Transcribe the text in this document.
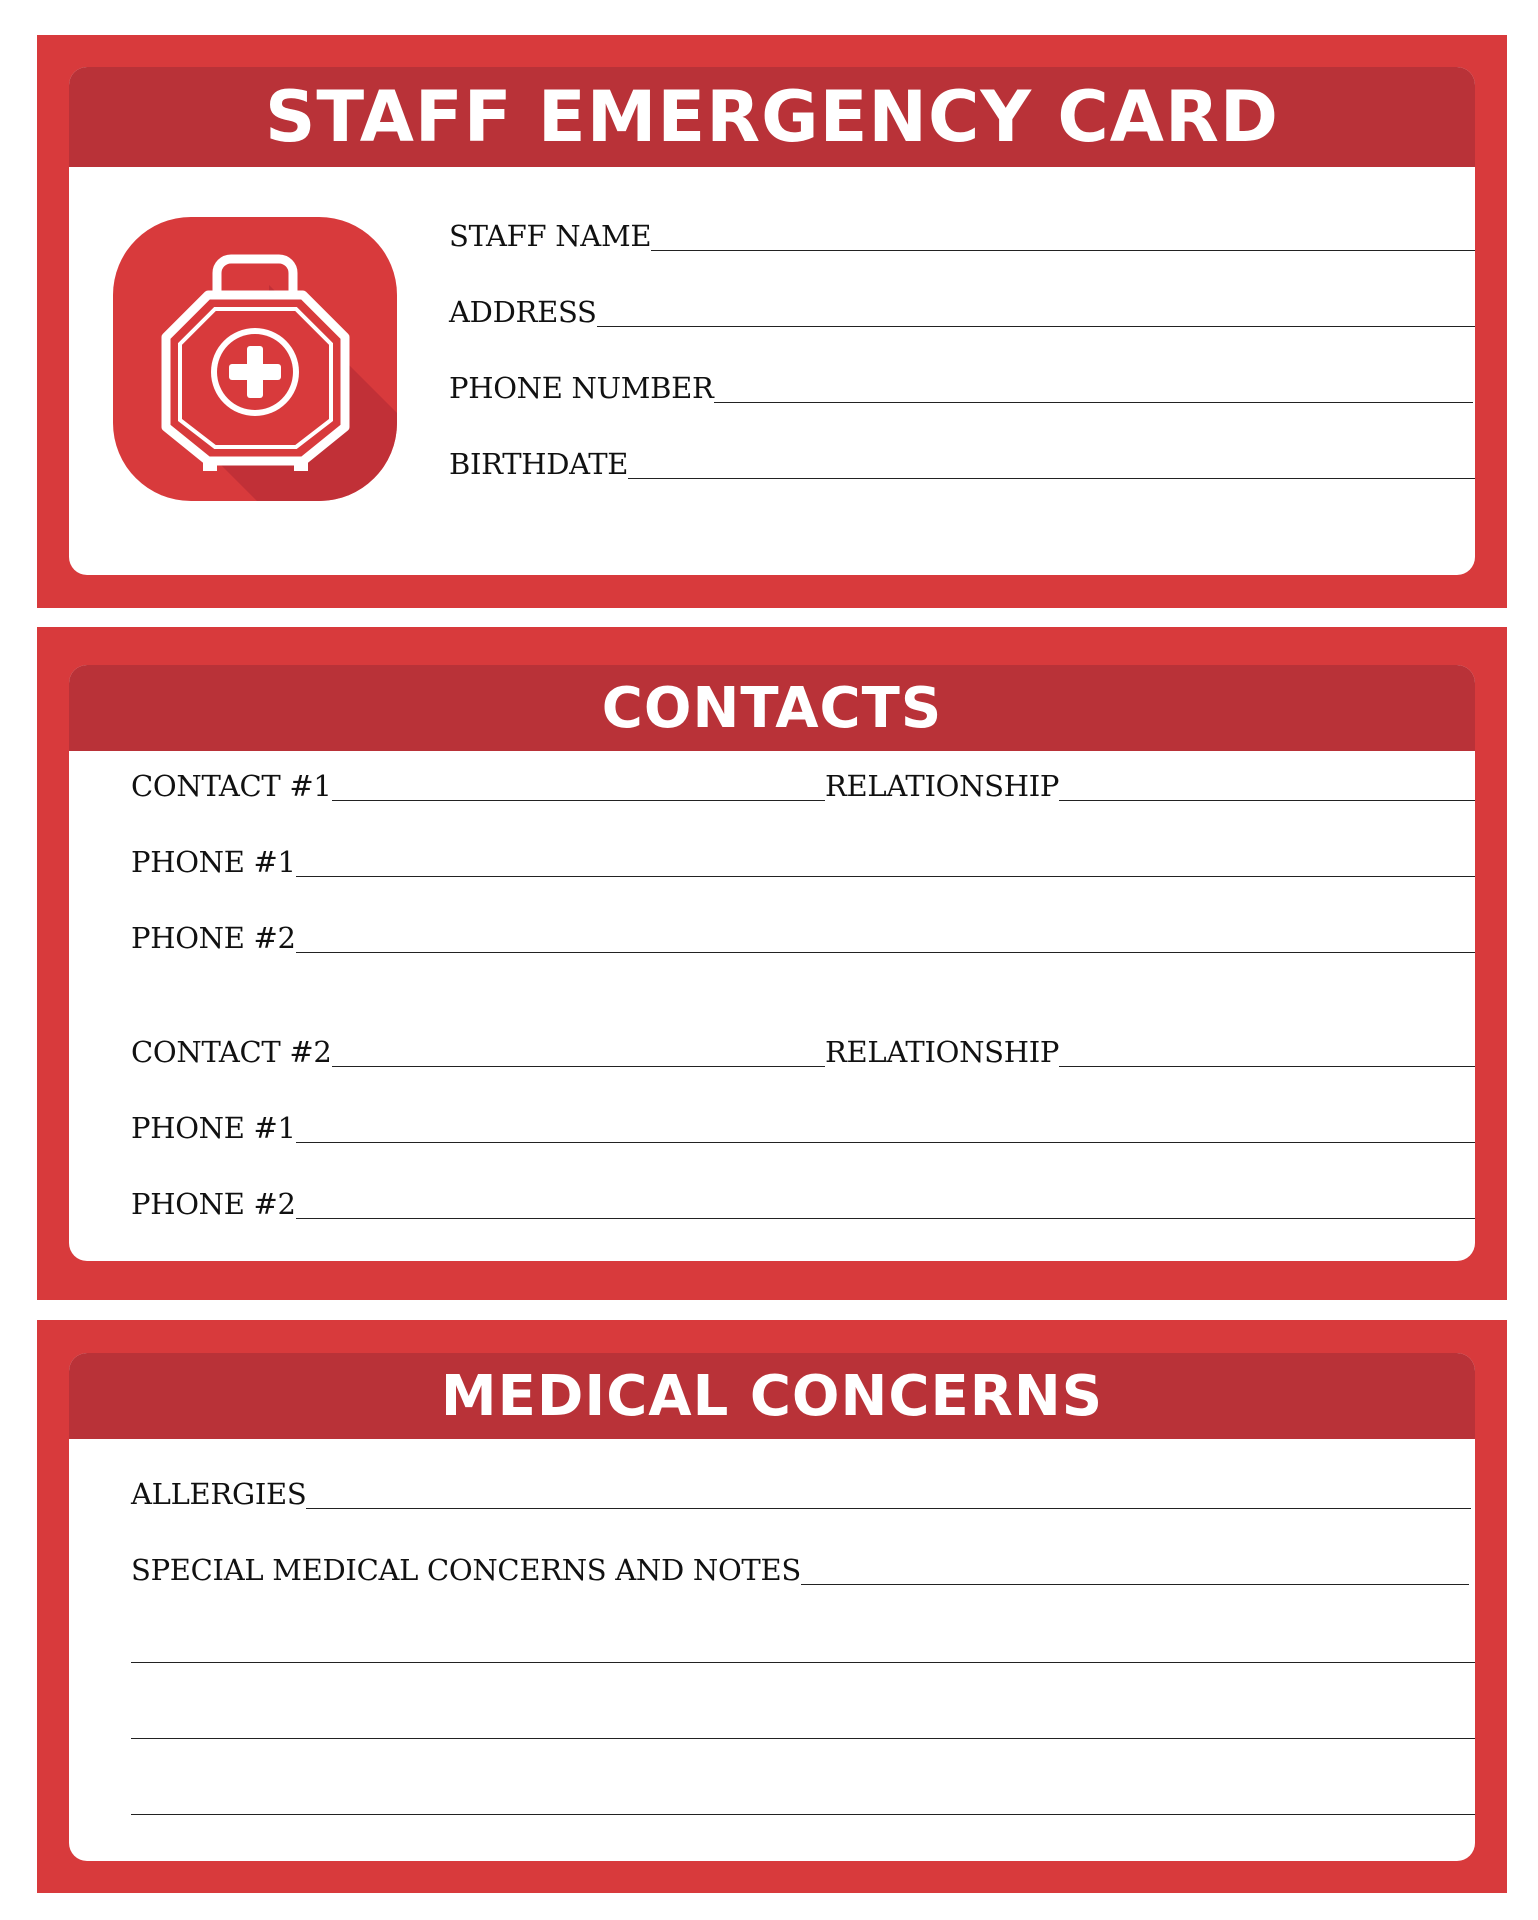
STAFF EMERGENCY CARD
STAFF NAME
ADDRESS
PHONE NUMBER
BIRTHDATE
CONTACTS
CONTACT #1	RELATIONSHIP
PHONE #1
PHONE #2
CONTACT #2	RELATIONSHIP
PHONE #1
PHONE #2
MEDICAL CONCERNS
ALLERGIES
SPECIAL MEDICAL CONCERNS AND NOTES
